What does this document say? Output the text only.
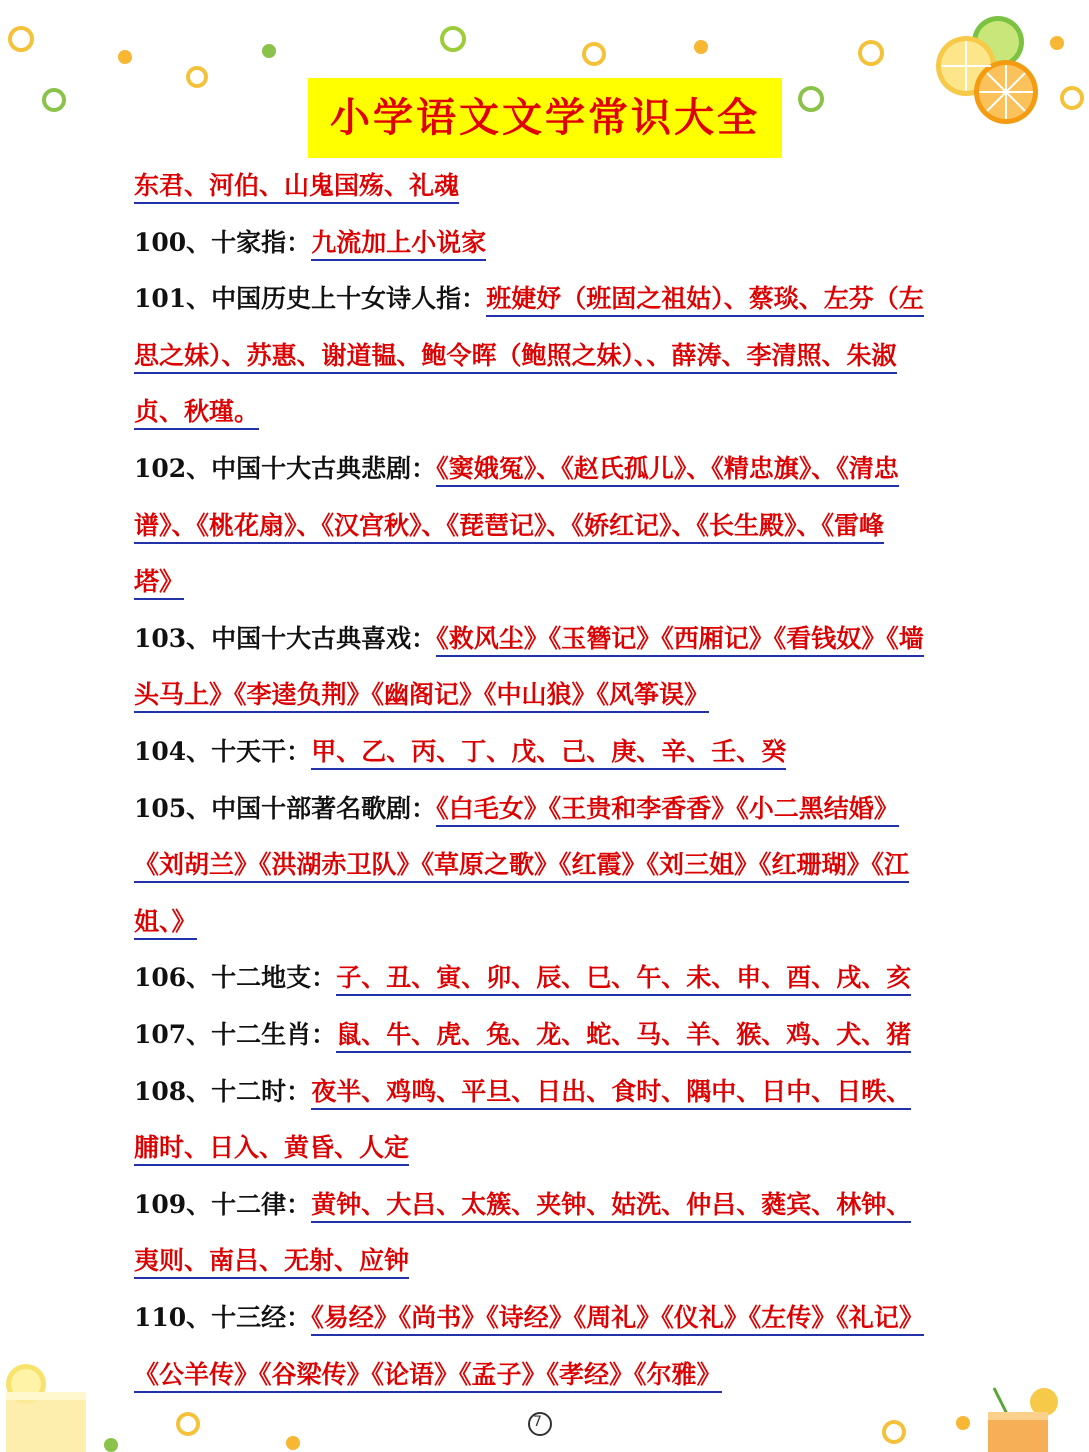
小学语文文学常识大全
东君、河伯、山鬼国殇、礼魂
100、十家指：九流加上小说家
101、中国历史上十女诗人指：班婕妤（班固之祖姑）、蔡琰、左芬（左
思之妹）、苏惠、谢道韫、鲍令晖（鲍照之妹）、、薛涛、李清照、朱淑
贞、秋瑾。
102、中国十大古典悲剧：《窦娥冤》、《赵氏孤儿》、《精忠旗》、《清忠
谱》、《桃花扇》、《汉宫秋》、《琵琶记》、《娇红记》、《长生殿》、《雷峰
塔》
103、中国十大古典喜戏：《救风尘》《玉簪记》《西厢记》《看钱奴》《墙
头马上》《李逵负荆》《幽阁记》《中山狼》《风筝误》
104、十天干：甲、乙、丙、丁、戊、己、庚、辛、壬、癸
105、中国十部著名歌剧：《白毛女》《王贵和李香香》《小二黑结婚》
《刘胡兰》《洪湖赤卫队》《草原之歌》《红霞》《刘三姐》《红珊瑚》《江
姐、》
106、十二地支：子、丑、寅、卯、辰、巳、午、未、申、酉、戌、亥
107、十二生肖：鼠、牛、虎、兔、龙、蛇、马、羊、猴、鸡、犬、猪
108、十二时：夜半、鸡鸣、平旦、日出、食时、隅中、日中、日昳、
脯时、日入、黄昏、人定
109、十二律：黄钟、大吕、太簇、夹钟、姑洗、仲吕、蕤宾、林钟、
夷则、南吕、无射、应钟
110、十三经：《易经》《尚书》《诗经》《周礼》《仪礼》《左传》《礼记》
《公羊传》《谷梁传》《论语》《孟子》《孝经》《尔雅》
7
